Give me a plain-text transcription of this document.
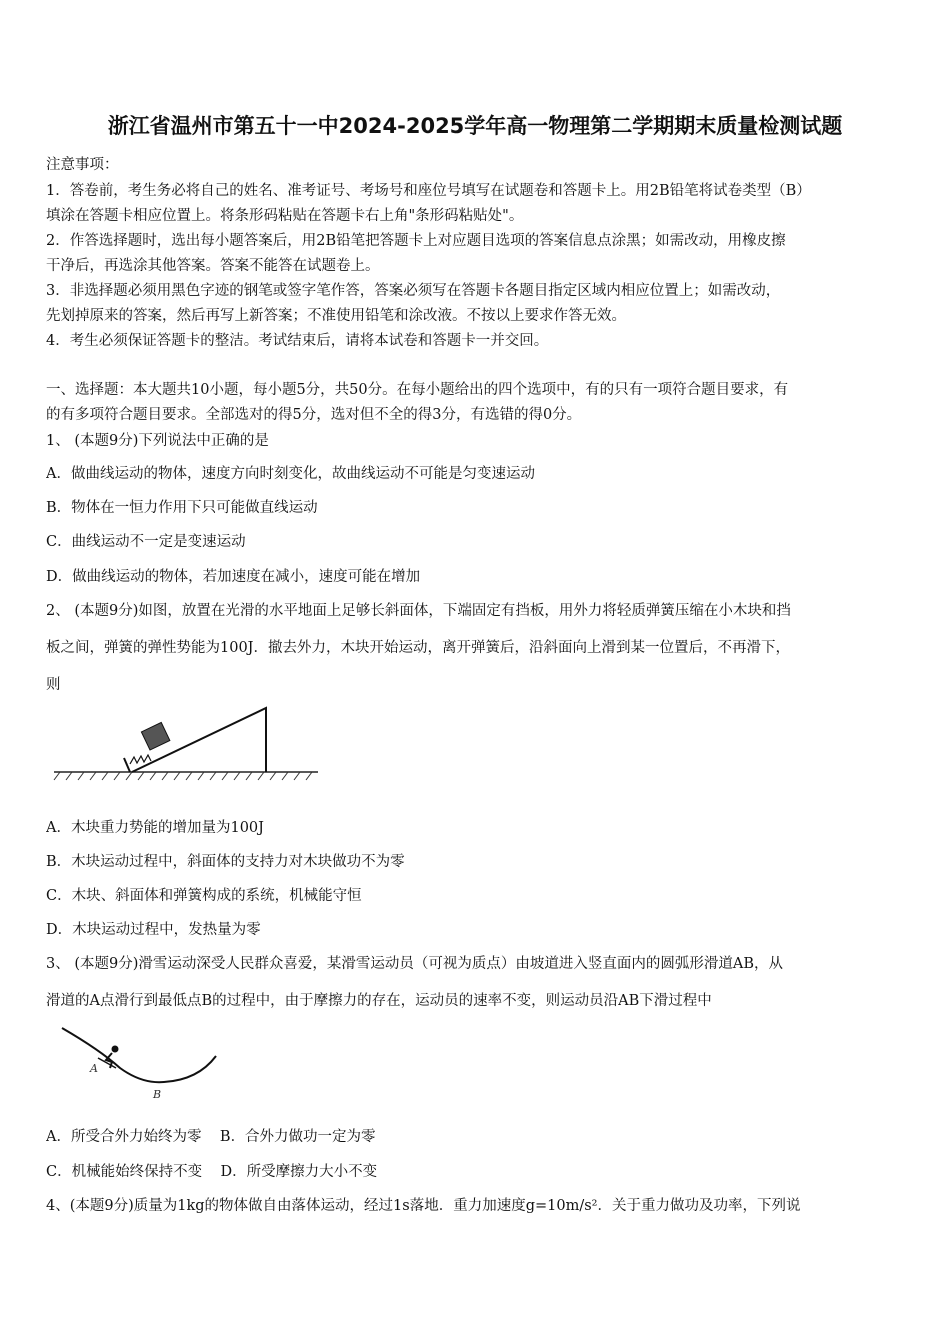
浙江省温州市第五十一中2024-2025学年高一物理第二学期期末质量检测试题
注意事项：
1．答卷前，考生务必将自己的姓名、准考证号、考场号和座位号填写在试题卷和答题卡上。用2B铅笔将试卷类型（B）
填涂在答题卡相应位置上。将条形码粘贴在答题卡右上角"条形码粘贴处"。
2．作答选择题时，选出每小题答案后，用2B铅笔把答题卡上对应题目选项的答案信息点涂黑；如需改动，用橡皮擦
干净后，再选涂其他答案。答案不能答在试题卷上。
3．非选择题必须用黑色字迹的钢笔或签字笔作答，答案必须写在答题卡各题目指定区域内相应位置上；如需改动，
先划掉原来的答案，然后再写上新答案；不准使用铅笔和涂改液。不按以上要求作答无效。
4．考生必须保证答题卡的整洁。考试结束后，请将本试卷和答题卡一并交回。
一、选择题：本大题共10小题，每小题5分，共50分。在每小题给出的四个选项中，有的只有一项符合题目要求，有
的有多项符合题目要求。全部选对的得5分，选对但不全的得3分，有选错的得0分。
1、 (本题9分)下列说法中正确的是
A．做曲线运动的物体，速度方向时刻变化，故曲线运动不可能是匀变速运动
B．物体在一恒力作用下只可能做直线运动
C．曲线运动不一定是变速运动
D．做曲线运动的物体，若加速度在减小，速度可能在增加
2、 (本题9分)如图，放置在光滑的水平地面上足够长斜面体，下端固定有挡板，用外力将轻质弹簧压缩在小木块和挡
板之间，弹簧的弹性势能为100J．撤去外力，木块开始运动，离开弹簧后，沿斜面向上滑到某一位置后，不再滑下，
则
A．木块重力势能的增加量为100J
B．木块运动过程中，斜面体的支持力对木块做功不为零
C．木块、斜面体和弹簧构成的系统，机械能守恒
D．木块运动过程中，发热量为零
3、 (本题9分)滑雪运动深受人民群众喜爱，某滑雪运动员（可视为质点）由坡道进入竖直面内的圆弧形滑道AB，从
滑道的A点滑行到最低点B的过程中，由于摩擦力的存在，运动员的速率不变，则运动员沿AB下滑过程中
A
B
A．所受合外力始终为零    B．合外力做功一定为零
C．机械能始终保持不变    D．所受摩擦力大小不变
4、(本题9分)质量为1kg的物体做自由落体运动，经过1s落地．重力加速度g=10m/s²．关于重力做功及功率，下列说
